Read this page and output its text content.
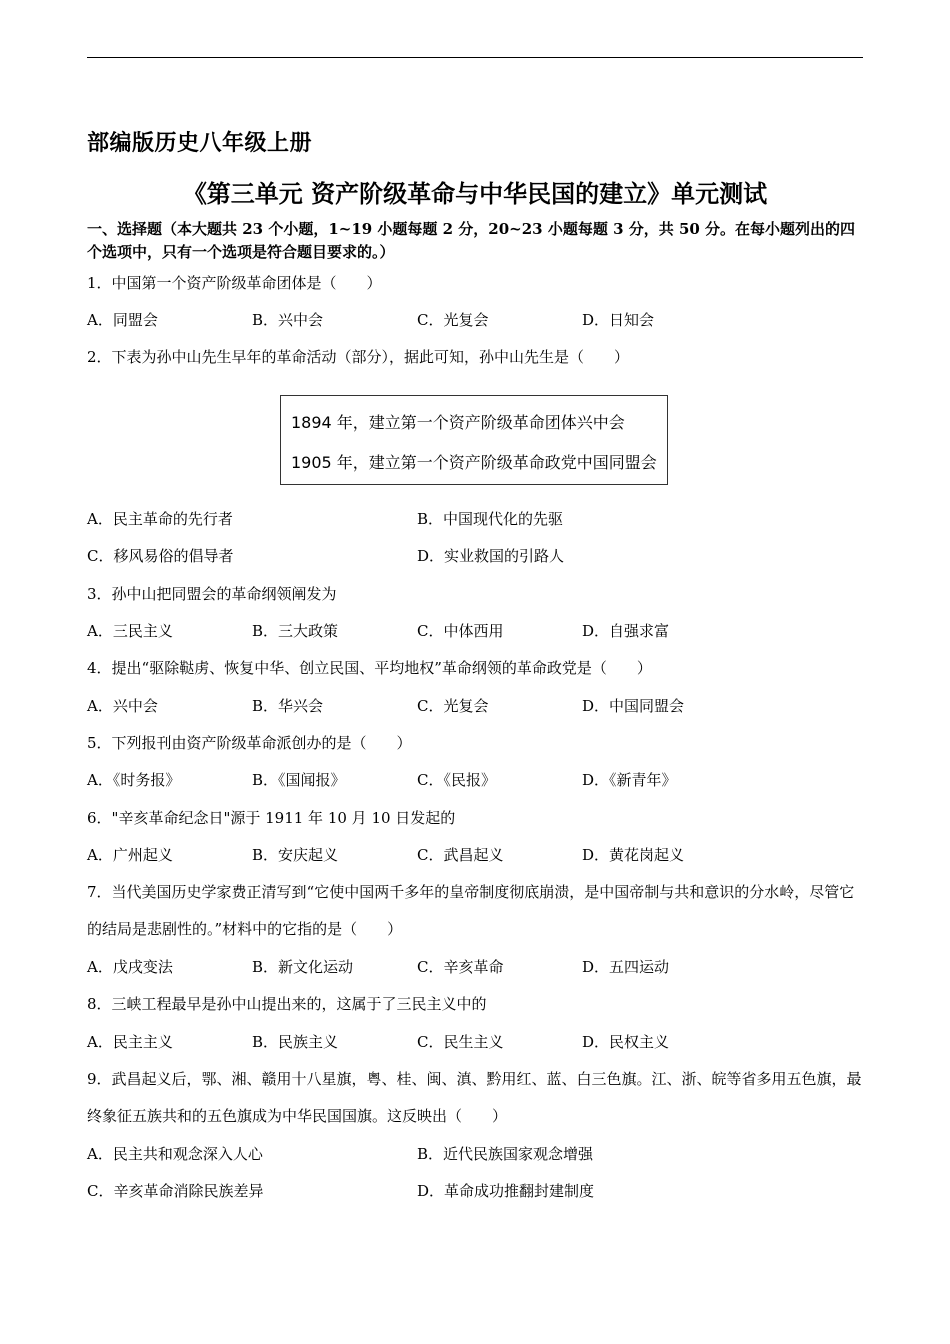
部编版历史八年级上册
《第三单元 资产阶级革命与中华民国的建立》单元测试
一、选择题（本大题共 23 个小题，1~19 小题每题 2 分，20~23 小题每题 3 分，共 50 分。在每小题列出的四个选项中，只有一个选项是符合题目要求的。）
1．中国第一个资产阶级革命团体是（　　）
A．同盟会	B．兴中会	C．光复会	D．日知会
2．下表为孙中山先生早年的革命活动（部分），据此可知，孙中山先生是（　　）
1894 年，建立第一个资产阶级革命团体兴中会
1905 年，建立第一个资产阶级革命政党中国同盟会
A．民主革命的先行者	B．中国现代化的先驱
C．移风易俗的倡导者	D．实业救国的引路人
3．孙中山把同盟会的革命纲领阐发为
A．三民主义	B．三大政策	C．中体西用	D．自强求富
4．提出“驱除鞑虏、恢复中华、创立民国、平均地权”革命纲领的革命政党是（　　）
A．兴中会	B．华兴会	C．光复会	D．中国同盟会
5．下列报刊由资产阶级革命派创办的是（　　）
A．《时务报》	B．《国闻报》	C．《民报》	D．《新青年》
6．"辛亥革命纪念日"源于 1911 年 10 月 10 日发起的
A．广州起义	B．安庆起义	C．武昌起义	D．黄花岗起义
7．当代美国历史学家费正清写到“它使中国两千多年的皇帝制度彻底崩溃，是中国帝制与共和意识的分水岭，尽管它的结局是悲剧性的。”材料中的它指的是（　　）
A．戊戌变法	B．新文化运动	C．辛亥革命	D．五四运动
8．三峡工程最早是孙中山提出来的，这属于了三民主义中的
A．民主主义	B．民族主义	C．民生主义	D．民权主义
9．武昌起义后，鄂、湘、赣用十八星旗，粤、桂、闽、滇、黔用红、蓝、白三色旗。江、浙、皖等省多用五色旗，最终象征五族共和的五色旗成为中华民国国旗。这反映出（　　）
A．民主共和观念深入人心	B．近代民族国家观念增强
C．辛亥革命消除民族差异	D．革命成功推翻封建制度
